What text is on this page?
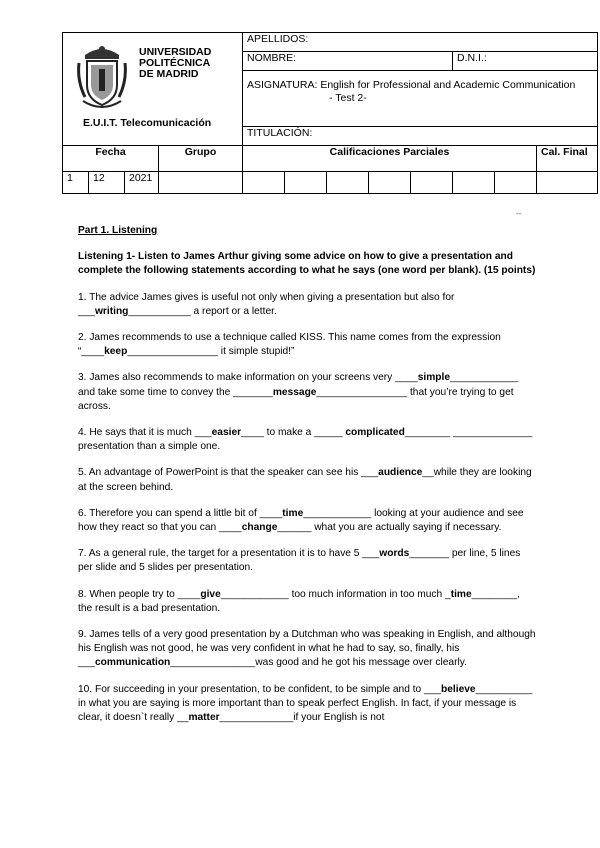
UNIVERSIDAD
POLITÉCNICA
DE MADRID
E.U.I.T. Telecomunicación				APELLIDOS:							
				NOMBRE:					D.N.I.:		

				ASIGNATURA: English for Professional and Academic Communication
- Test 2-							

				TITULACIÓN:							
Fecha			Grupo	Calificaciones Parciales							Cal. Final
1	12	2021									
--

Part 1. Listening

Listening 1- Listen to James Arthur giving some advice on how to give a presentation and complete the following statements according to what he says (one word per blank). (15 points)

1. The advice James gives is useful not only when giving a presentation but also for ___writing___________ a report or a letter.

2. James recommends to use a technique called KISS. This name comes from the expression “____keep________________ it simple stupid!”

3. James also recommends to make information on your screens very ____simple____________ and take some time to convey the _______message________________ that you’re trying to get across.

4. He says that it is much ___easier____ to make a _____ complicated________ ______________ presentation than a simple one.

5. An advantage of PowerPoint is that the speaker can see his ___audience__while they are looking at the screen behind.

6. Therefore you can spend a little bit of ____time____________ looking at your audience and see how they react so that you can ____change______ what you are actually saying if necessary.

7. As a general rule, the target for a presentation it is to have 5 ___words_______ per line, 5 lines per slide and 5 slides per presentation.

8. When people try to ____give____________ too much information in too much _time________, the result is a bad presentation.

9. James tells of a very good presentation by a Dutchman who was speaking in English, and although his English was not good, he was very confident in what he had to say, so, finally, his ___communication_______________was good and he got his message over clearly.

10. For succeeding in your presentation, to be confident, to be simple and to ___believe__________ in what you are saying is more important than to speak perfect English. In fact, if your message is clear, it doesn`t really __matter_____________if your English is not
